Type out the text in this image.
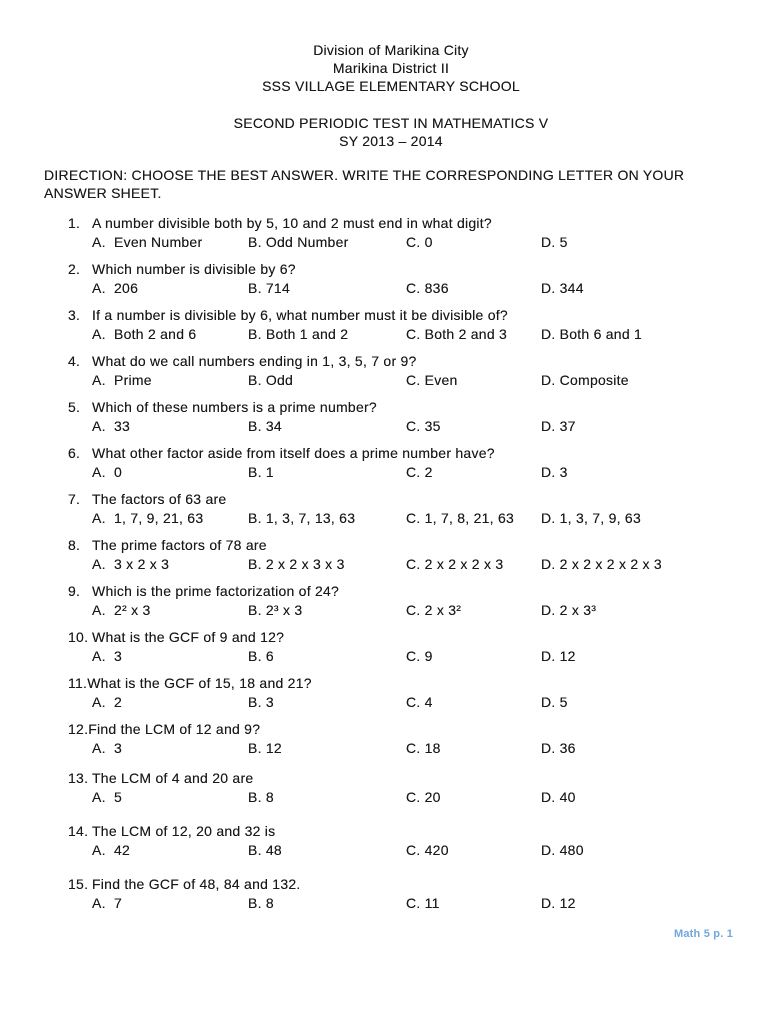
Division of Marikina City
Marikina District II
SSS VILLAGE ELEMENTARY SCHOOL
SECOND PERIODIC TEST IN MATHEMATICS V
SY 2013 – 2014
DIRECTION: CHOOSE THE BEST ANSWER. WRITE THE CORRESPONDING LETTER ON YOUR
ANSWER SHEET.
1. A number divisible both by 5, 10 and 2 must end in what digit?
A.  Even Number	B. Odd Number	C. 0	D. 5
2. Which number is divisible by 6?
A.  206	B. 714	C. 836	D. 344
3. If a number is divisible by 6, what number must it be divisible of?
A.  Both 2 and 6	B. Both 1 and 2	C. Both 2 and 3 D. Both 6 and 1
4. What do we call numbers ending in 1, 3, 5, 7 or 9?
A.  Prime	B. Odd	C. Even	D. Composite
5. Which of these numbers is a prime number?
A.  33	B. 34	C. 35	D. 37
6. What other factor aside from itself does a prime number have?
A.  0	B. 1	C. 2	D. 3
7. The factors of 63 are
A.  1, 7, 9, 21, 63	B. 1, 3, 7, 13, 63	C. 1, 7, 8, 21, 63 D. 1, 3, 7, 9, 63
8. The prime factors of 78 are
A.  3 x 2 x 3	B. 2 x 2 x 3 x 3	C. 2 x 2 x 2 x 3	D. 2 x 2 x 2 x 2 x 3
9. Which is the prime factorization of 24?
A.  2² x 3	B. 2³ x 3	C. 2 x 3²	D. 2 x 3³
10. What is the GCF of 9 and 12?
A.  3	B. 6	C. 9	D. 12
11.What is the GCF of 15, 18 and 21?
A.  2	B. 3	C. 4	D. 5
12.Find the LCM of 12 and 9?
A.  3	B. 12	C. 18	D. 36
13. The LCM of 4 and 20 are
A.  5	B. 8	C. 20	D. 40
14. The LCM of 12, 20 and 32 is
A.  42	B. 48	C. 420	D. 480
15. Find the GCF of 48, 84 and 132.
A.  7	B. 8	C. 11	D. 12
Math 5 p. 1
